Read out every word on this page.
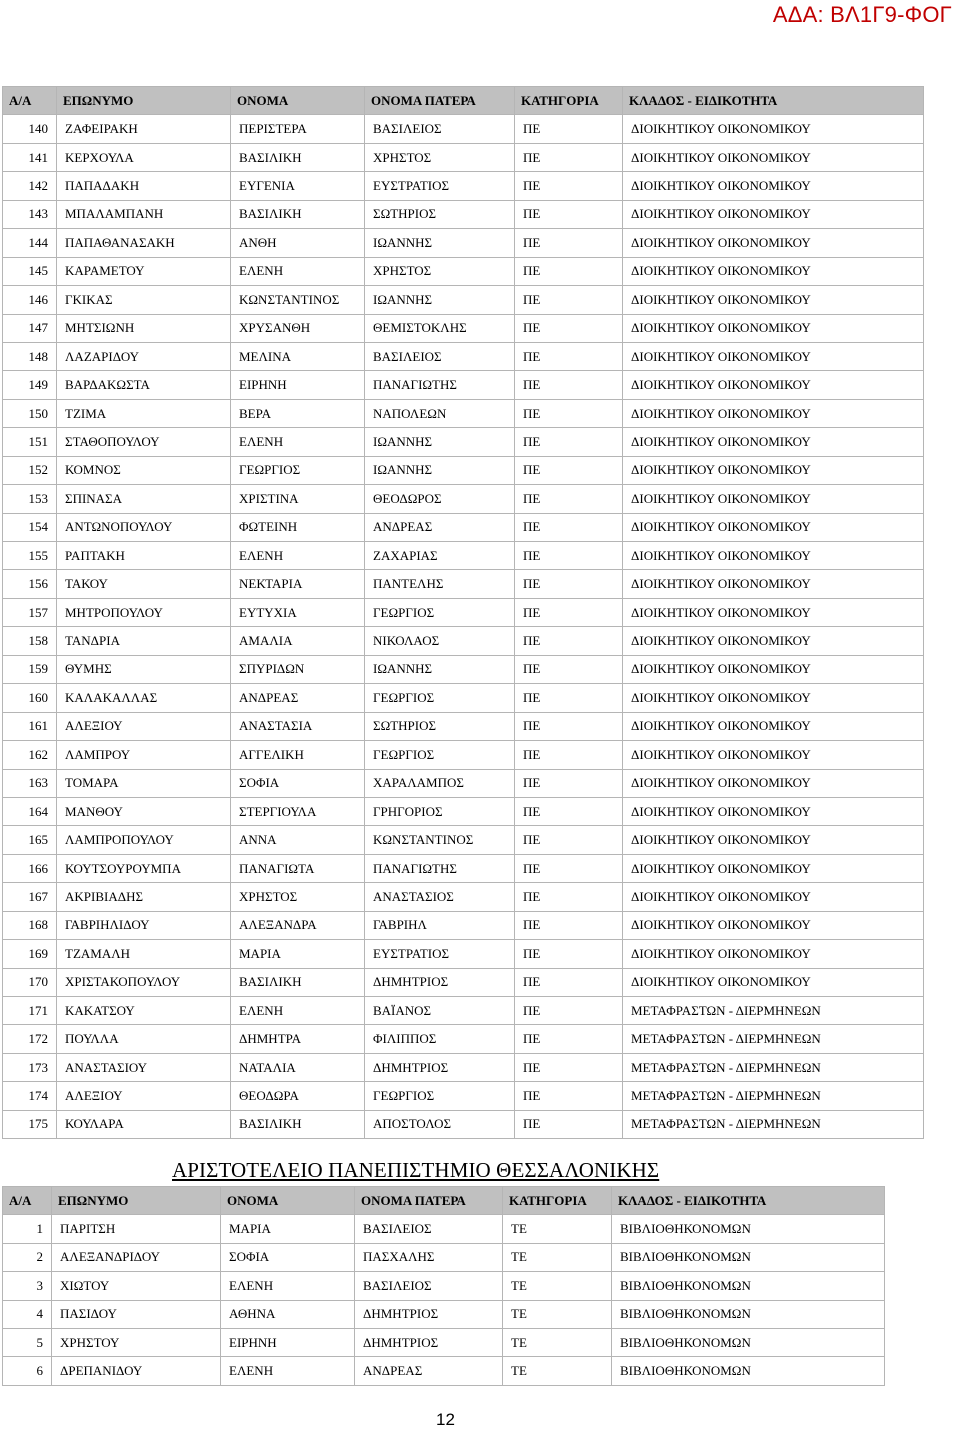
ΑΔΑ: ΒΛ1Γ9-ΦΟΓ
Α/Α	ΕΠΩΝΥΜΟ	ΟΝΟΜΑ	ΟΝΟΜΑ ΠΑΤΕΡΑ	ΚΑΤΗΓΟΡΙΑ	ΚΛΑΔΟΣ - ΕΙΔΙΚΟΤΗΤΑ
140	ΖΑΦΕΙΡΑΚΗ	ΠΕΡΙΣΤΕΡΑ	ΒΑΣΙΛΕΙΟΣ	ΠΕ	ΔΙΟΙΚΗΤΙΚΟΥ ΟΙΚΟΝΟΜΙΚΟΥ
141	ΚΕΡΧΟΥΛΑ	ΒΑΣΙΛΙΚΗ	ΧΡΗΣΤΟΣ	ΠΕ	ΔΙΟΙΚΗΤΙΚΟΥ ΟΙΚΟΝΟΜΙΚΟΥ
142	ΠΑΠΑΔΑΚΗ	ΕΥΓΕΝΙΑ	ΕΥΣΤΡΑΤΙΟΣ	ΠΕ	ΔΙΟΙΚΗΤΙΚΟΥ ΟΙΚΟΝΟΜΙΚΟΥ
143	ΜΠΑΛΑΜΠΑΝΗ	ΒΑΣΙΛΙΚΗ	ΣΩΤΗΡΙΟΣ	ΠΕ	ΔΙΟΙΚΗΤΙΚΟΥ ΟΙΚΟΝΟΜΙΚΟΥ
144	ΠΑΠΑΘΑΝΑΣΑΚΗ	ΑΝΘΗ	ΙΩΑΝΝΗΣ	ΠΕ	ΔΙΟΙΚΗΤΙΚΟΥ ΟΙΚΟΝΟΜΙΚΟΥ
145	ΚΑΡΑΜΕΤΟΥ	ΕΛΕΝΗ	ΧΡΗΣΤΟΣ	ΠΕ	ΔΙΟΙΚΗΤΙΚΟΥ ΟΙΚΟΝΟΜΙΚΟΥ
146	ΓΚΙΚΑΣ	ΚΩΝΣΤΑΝΤΙΝΟΣ	ΙΩΑΝΝΗΣ	ΠΕ	ΔΙΟΙΚΗΤΙΚΟΥ ΟΙΚΟΝΟΜΙΚΟΥ
147	ΜΗΤΣΙΩΝΗ	ΧΡΥΣΑΝΘΗ	ΘΕΜΙΣΤΟΚΛΗΣ	ΠΕ	ΔΙΟΙΚΗΤΙΚΟΥ ΟΙΚΟΝΟΜΙΚΟΥ
148	ΛΑΖΑΡΙΔΟΥ	ΜΕΛΙΝΑ	ΒΑΣΙΛΕΙΟΣ	ΠΕ	ΔΙΟΙΚΗΤΙΚΟΥ ΟΙΚΟΝΟΜΙΚΟΥ
149	ΒΑΡΔΑΚΩΣΤΑ	ΕΙΡΗΝΗ	ΠΑΝΑΓΙΩΤΗΣ	ΠΕ	ΔΙΟΙΚΗΤΙΚΟΥ ΟΙΚΟΝΟΜΙΚΟΥ
150	ΤΖΙΜΑ	ΒΕΡΑ	ΝΑΠΟΛΕΩΝ	ΠΕ	ΔΙΟΙΚΗΤΙΚΟΥ ΟΙΚΟΝΟΜΙΚΟΥ
151	ΣΤΑΘΟΠΟΥΛΟΥ	ΕΛΕΝΗ	ΙΩΑΝΝΗΣ	ΠΕ	ΔΙΟΙΚΗΤΙΚΟΥ ΟΙΚΟΝΟΜΙΚΟΥ
152	ΚΟΜΝΟΣ	ΓΕΩΡΓΙΟΣ	ΙΩΑΝΝΗΣ	ΠΕ	ΔΙΟΙΚΗΤΙΚΟΥ ΟΙΚΟΝΟΜΙΚΟΥ
153	ΣΠΙΝΑΣΑ	ΧΡΙΣΤΙΝΑ	ΘΕΟΔΩΡΟΣ	ΠΕ	ΔΙΟΙΚΗΤΙΚΟΥ ΟΙΚΟΝΟΜΙΚΟΥ
154	ΑΝΤΩΝΟΠΟΥΛΟΥ	ΦΩΤΕΙΝΗ	ΑΝΔΡΕΑΣ	ΠΕ	ΔΙΟΙΚΗΤΙΚΟΥ ΟΙΚΟΝΟΜΙΚΟΥ
155	ΡΑΠΤΑΚΗ	ΕΛΕΝΗ	ΖΑΧΑΡΙΑΣ	ΠΕ	ΔΙΟΙΚΗΤΙΚΟΥ ΟΙΚΟΝΟΜΙΚΟΥ
156	ΤΑΚΟΥ	ΝΕΚΤΑΡΙΑ	ΠΑΝΤΕΛΗΣ	ΠΕ	ΔΙΟΙΚΗΤΙΚΟΥ ΟΙΚΟΝΟΜΙΚΟΥ
157	ΜΗΤΡΟΠΟΥΛΟΥ	ΕΥΤΥΧΙΑ	ΓΕΩΡΓΙΟΣ	ΠΕ	ΔΙΟΙΚΗΤΙΚΟΥ ΟΙΚΟΝΟΜΙΚΟΥ
158	ΤΑΝΔΡΙΑ	ΑΜΑΛΙΑ	ΝΙΚΟΛΑΟΣ	ΠΕ	ΔΙΟΙΚΗΤΙΚΟΥ ΟΙΚΟΝΟΜΙΚΟΥ
159	ΘΥΜΗΣ	ΣΠΥΡΙΔΩΝ	ΙΩΑΝΝΗΣ	ΠΕ	ΔΙΟΙΚΗΤΙΚΟΥ ΟΙΚΟΝΟΜΙΚΟΥ
160	ΚΑΛΑΚΑΛΛΑΣ	ΑΝΔΡΕΑΣ	ΓΕΩΡΓΙΟΣ	ΠΕ	ΔΙΟΙΚΗΤΙΚΟΥ ΟΙΚΟΝΟΜΙΚΟΥ
161	ΑΛΕΞΙΟΥ	ΑΝΑΣΤΑΣΙΑ	ΣΩΤΗΡΙΟΣ	ΠΕ	ΔΙΟΙΚΗΤΙΚΟΥ ΟΙΚΟΝΟΜΙΚΟΥ
162	ΛΑΜΠΡΟΥ	ΑΓΓΕΛΙΚΗ	ΓΕΩΡΓΙΟΣ	ΠΕ	ΔΙΟΙΚΗΤΙΚΟΥ ΟΙΚΟΝΟΜΙΚΟΥ
163	ΤΟΜΑΡΑ	ΣΟΦΙΑ	ΧΑΡΑΛΑΜΠΟΣ	ΠΕ	ΔΙΟΙΚΗΤΙΚΟΥ ΟΙΚΟΝΟΜΙΚΟΥ
164	ΜΑΝΘΟΥ	ΣΤΕΡΓΙΟΥΛΑ	ΓΡΗΓΟΡΙΟΣ	ΠΕ	ΔΙΟΙΚΗΤΙΚΟΥ ΟΙΚΟΝΟΜΙΚΟΥ
165	ΛΑΜΠΡΟΠΟΥΛΟΥ	ΑΝΝΑ	ΚΩΝΣΤΑΝΤΙΝΟΣ	ΠΕ	ΔΙΟΙΚΗΤΙΚΟΥ ΟΙΚΟΝΟΜΙΚΟΥ
166	ΚΟΥΤΣΟΥΡΟΥΜΠΑ	ΠΑΝΑΓΙΩΤΑ	ΠΑΝΑΓΙΩΤΗΣ	ΠΕ	ΔΙΟΙΚΗΤΙΚΟΥ ΟΙΚΟΝΟΜΙΚΟΥ
167	ΑΚΡΙΒΙΑΔΗΣ	ΧΡΗΣΤΟΣ	ΑΝΑΣΤΑΣΙΟΣ	ΠΕ	ΔΙΟΙΚΗΤΙΚΟΥ ΟΙΚΟΝΟΜΙΚΟΥ
168	ΓΑΒΡΙΗΛΙΔΟΥ	ΑΛΕΞΑΝΔΡΑ	ΓΑΒΡΙΗΛ	ΠΕ	ΔΙΟΙΚΗΤΙΚΟΥ ΟΙΚΟΝΟΜΙΚΟΥ
169	ΤΖΑΜΑΛΗ	ΜΑΡΙΑ	ΕΥΣΤΡΑΤΙΟΣ	ΠΕ	ΔΙΟΙΚΗΤΙΚΟΥ ΟΙΚΟΝΟΜΙΚΟΥ
170	ΧΡΙΣΤΑΚΟΠΟΥΛΟΥ	ΒΑΣΙΛΙΚΗ	ΔΗΜΗΤΡΙΟΣ	ΠΕ	ΔΙΟΙΚΗΤΙΚΟΥ ΟΙΚΟΝΟΜΙΚΟΥ
171	ΚΑΚΑΤΣΟΥ	ΕΛΕΝΗ	ΒΑΪΑΝΟΣ	ΠΕ	ΜΕΤΑΦΡΑΣΤΩΝ - ΔΙΕΡΜΗΝΕΩΝ
172	ΠΟΥΛΛΑ	ΔΗΜΗΤΡΑ	ΦΙΛΙΠΠΟΣ	ΠΕ	ΜΕΤΑΦΡΑΣΤΩΝ - ΔΙΕΡΜΗΝΕΩΝ
173	ΑΝΑΣΤΑΣΙΟΥ	ΝΑΤΑΛΙΑ	ΔΗΜΗΤΡΙΟΣ	ΠΕ	ΜΕΤΑΦΡΑΣΤΩΝ - ΔΙΕΡΜΗΝΕΩΝ
174	ΑΛΕΞΙΟΥ	ΘΕΟΔΩΡΑ	ΓΕΩΡΓΙΟΣ	ΠΕ	ΜΕΤΑΦΡΑΣΤΩΝ - ΔΙΕΡΜΗΝΕΩΝ
175	ΚΟΥΛΑΡΑ	ΒΑΣΙΛΙΚΗ	ΑΠΟΣΤΟΛΟΣ	ΠΕ	ΜΕΤΑΦΡΑΣΤΩΝ - ΔΙΕΡΜΗΝΕΩΝ
ΑΡΙΣΤΟΤΕΛΕΙΟ ΠΑΝΕΠΙΣΤΗΜΙΟ ΘΕΣΣΑΛΟΝΙΚΗΣ
Α/Α	ΕΠΩΝΥΜΟ	ΟΝΟΜΑ	ΟΝΟΜΑ ΠΑΤΕΡΑ	ΚΑΤΗΓΟΡΙΑ	ΚΛΑΔΟΣ - ΕΙΔΙΚΟΤΗΤΑ
1	ΠΑΡΙΤΣΗ	ΜΑΡΙΑ	ΒΑΣΙΛΕΙΟΣ	ΤΕ	ΒΙΒΛΙΟΘΗΚΟΝΟΜΩΝ
2	ΑΛΕΞΑΝΔΡΙΔΟΥ	ΣΟΦΙΑ	ΠΑΣΧΑΛΗΣ	ΤΕ	ΒΙΒΛΙΟΘΗΚΟΝΟΜΩΝ
3	ΧΙΩΤΟΥ	ΕΛΕΝΗ	ΒΑΣΙΛΕΙΟΣ	ΤΕ	ΒΙΒΛΙΟΘΗΚΟΝΟΜΩΝ
4	ΠΑΣΙΔΟΥ	ΑΘΗΝΑ	ΔΗΜΗΤΡΙΟΣ	ΤΕ	ΒΙΒΛΙΟΘΗΚΟΝΟΜΩΝ
5	ΧΡΗΣΤΟΥ	ΕΙΡΗΝΗ	ΔΗΜΗΤΡΙΟΣ	ΤΕ	ΒΙΒΛΙΟΘΗΚΟΝΟΜΩΝ
6	ΔΡΕΠΑΝΙΔΟΥ	ΕΛΕΝΗ	ΑΝΔΡΕΑΣ	ΤΕ	ΒΙΒΛΙΟΘΗΚΟΝΟΜΩΝ
12
